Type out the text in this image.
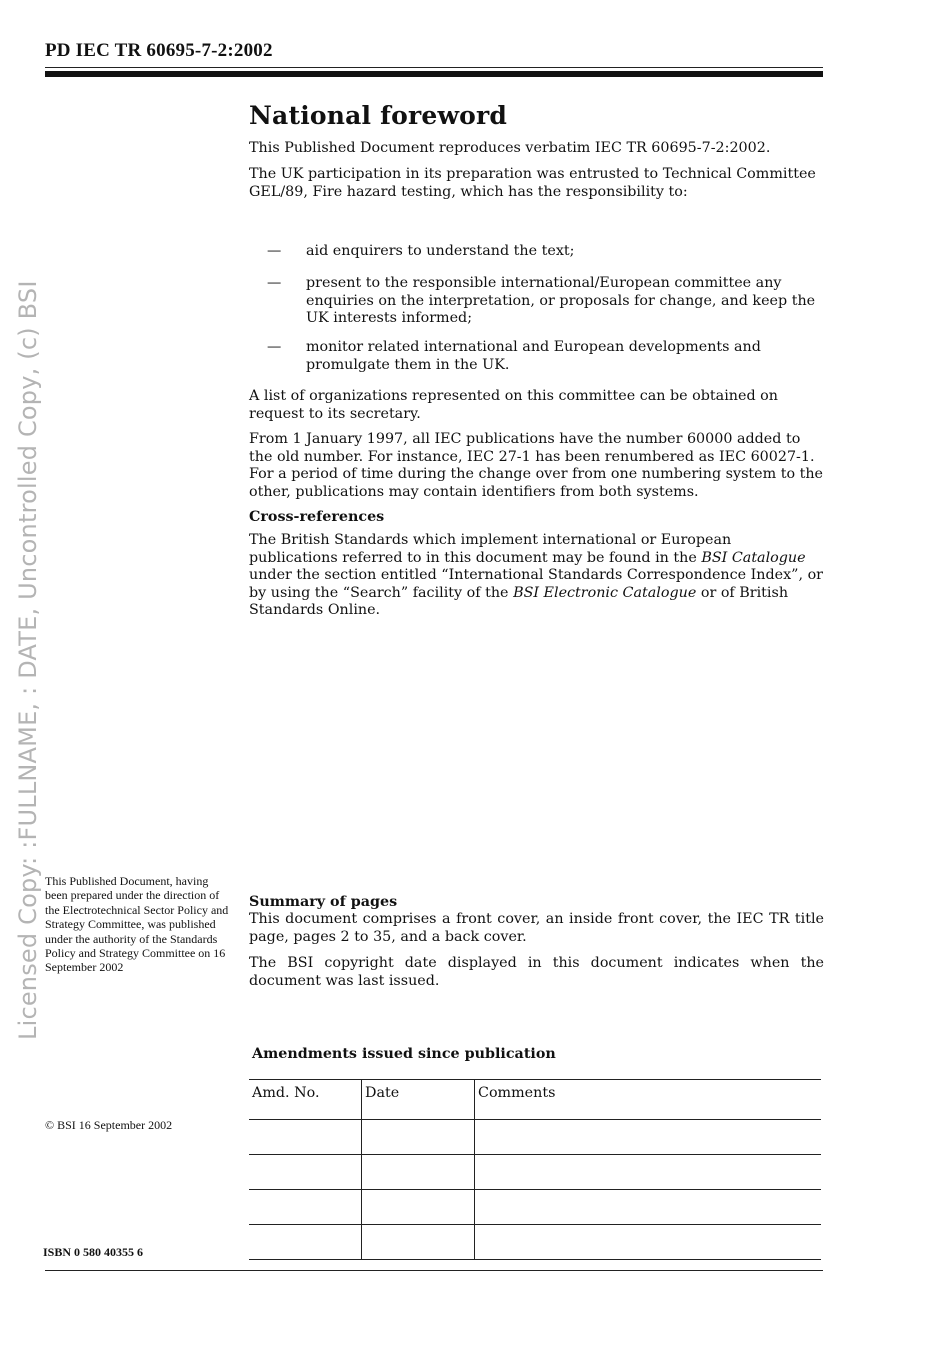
PD IEC TR 60695-7-2:2002
Licensed Copy: :FULLNAME, : DATE, Uncontrolled Copy, (c) BSI
National foreword

This Published Document reproduces verbatim IEC TR 60695-7-2:2002.

The UK participation in its preparation was entrusted to Technical Committee GEL/89, Fire hazard testing, which has the responsibility to:

— aid enquirers to understand the text;
— present to the responsible international/European committee any enquiries on the interpretation, or proposals for change, and keep the UK interests informed;
— monitor related international and European developments and promulgate them in the UK.

A list of organizations represented on this committee can be obtained on request to its secretary.

From 1 January 1997, all IEC publications have the number 60000 added to the old number. For instance, IEC 27-1 has been renumbered as IEC 60027-1. For a period of time during the change over from one numbering system to the other, publications may contain identifiers from both systems.

Cross-references

The British Standards which implement international or European publications referred to in this document may be found in the BSI Catalogue under the section entitled “International Standards Correspondence Index”, or by using the “Search” facility of the BSI Electronic Catalogue or of British Standards Online.

This Published Document, having been prepared under the direction of the Electrotechnical Sector Policy and Strategy Committee, was published under the authority of the Standards Policy and Strategy Committee on 16 September 2002
Summary of pages

This document comprises a front cover, an inside front cover, the IEC TR title page, pages 2 to 35, and a back cover.

The BSI copyright date displayed in this document indicates when the document was last issued.

Amendments issued since publication
Amd. No.	Date	Comments

© BSI 16 September 2002
ISBN 0 580 40355 6
